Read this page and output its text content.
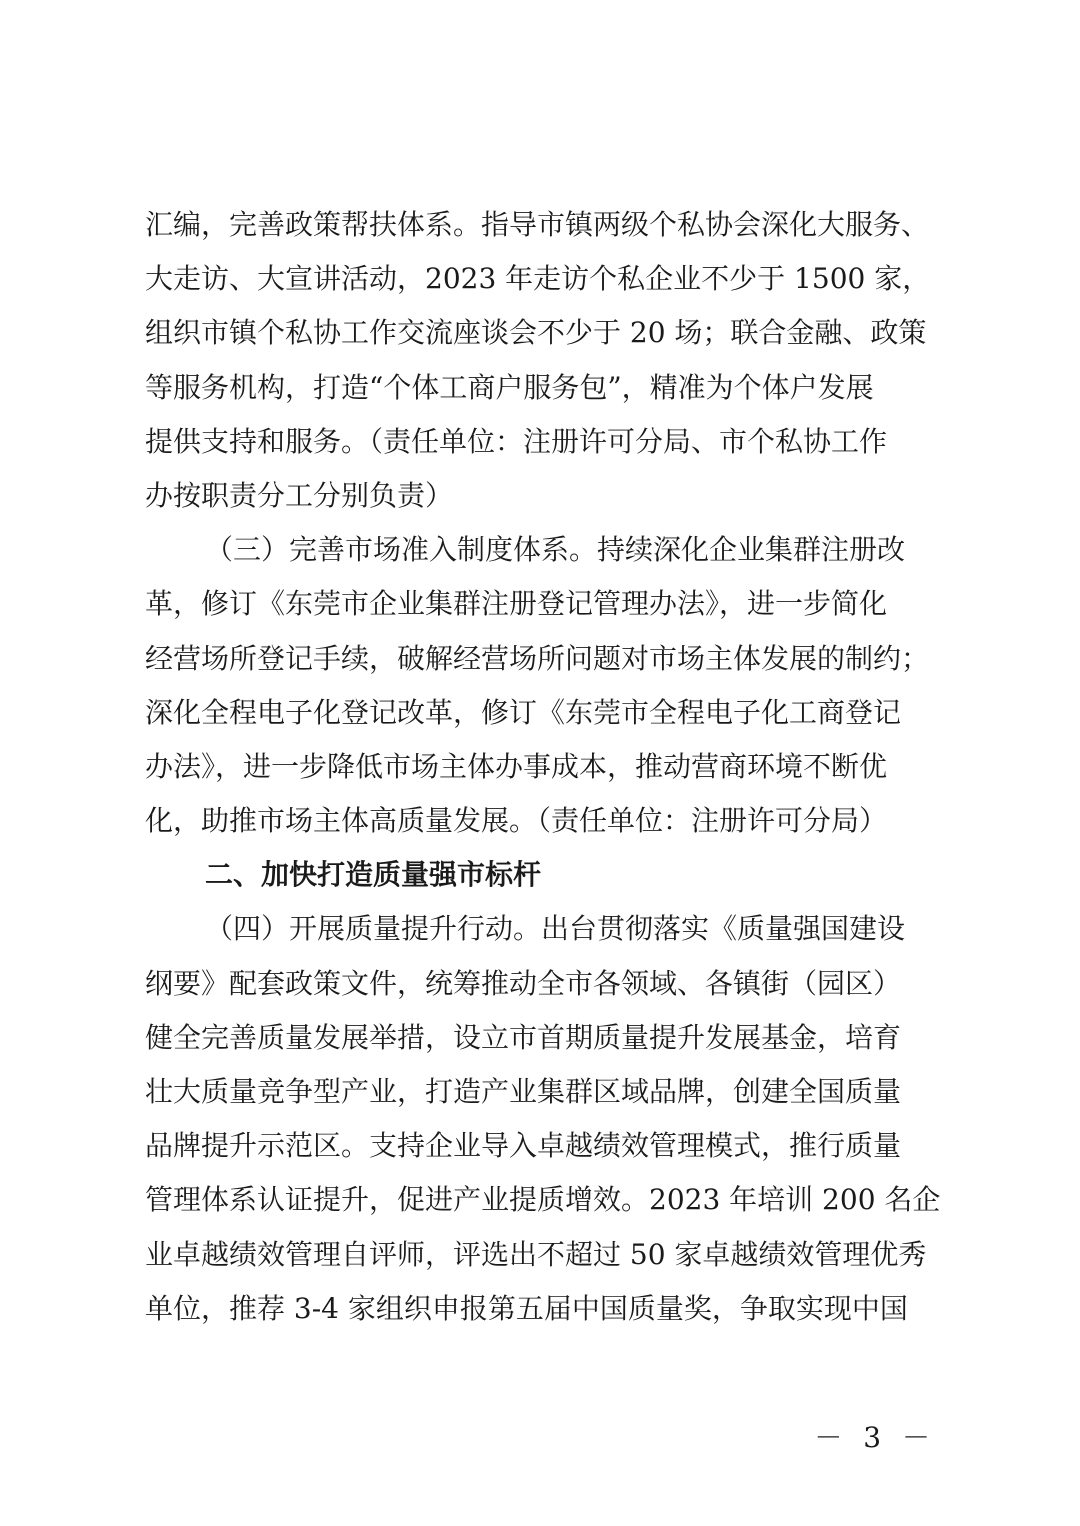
汇编，完善政策帮扶体系。指导市镇两级个私协会深化大服务、
大走访、大宣讲活动，2023 年走访个私企业不少于 1500 家，
组织市镇个私协工作交流座谈会不少于 20 场；联合金融、政策
等服务机构，打造“个体工商户服务包”，精准为个体户发展
提供支持和服务。（责任单位：注册许可分局、市个私协工作
办按职责分工分别负责）
（三）完善市场准入制度体系。持续深化企业集群注册改
革，修订《东莞市企业集群注册登记管理办法》，进一步简化
经营场所登记手续，破解经营场所问题对市场主体发展的制约；
深化全程电子化登记改革，修订《东莞市全程电子化工商登记
办法》，进一步降低市场主体办事成本，推动营商环境不断优
化，助推市场主体高质量发展。（责任单位：注册许可分局）
二、加快打造质量强市标杆
（四）开展质量提升行动。出台贯彻落实《质量强国建设
纲要》配套政策文件，统筹推动全市各领域、各镇街（园区）
健全完善质量发展举措，设立市首期质量提升发展基金，培育
壮大质量竞争型产业，打造产业集群区域品牌，创建全国质量
品牌提升示范区。支持企业导入卓越绩效管理模式，推行质量
管理体系认证提升，促进产业提质增效。2023 年培训 200 名企
业卓越绩效管理自评师，评选出不超过 50 家卓越绩效管理优秀
单位，推荐 3-4 家组织申报第五届中国质量奖，争取实现中国
－ 3 －
